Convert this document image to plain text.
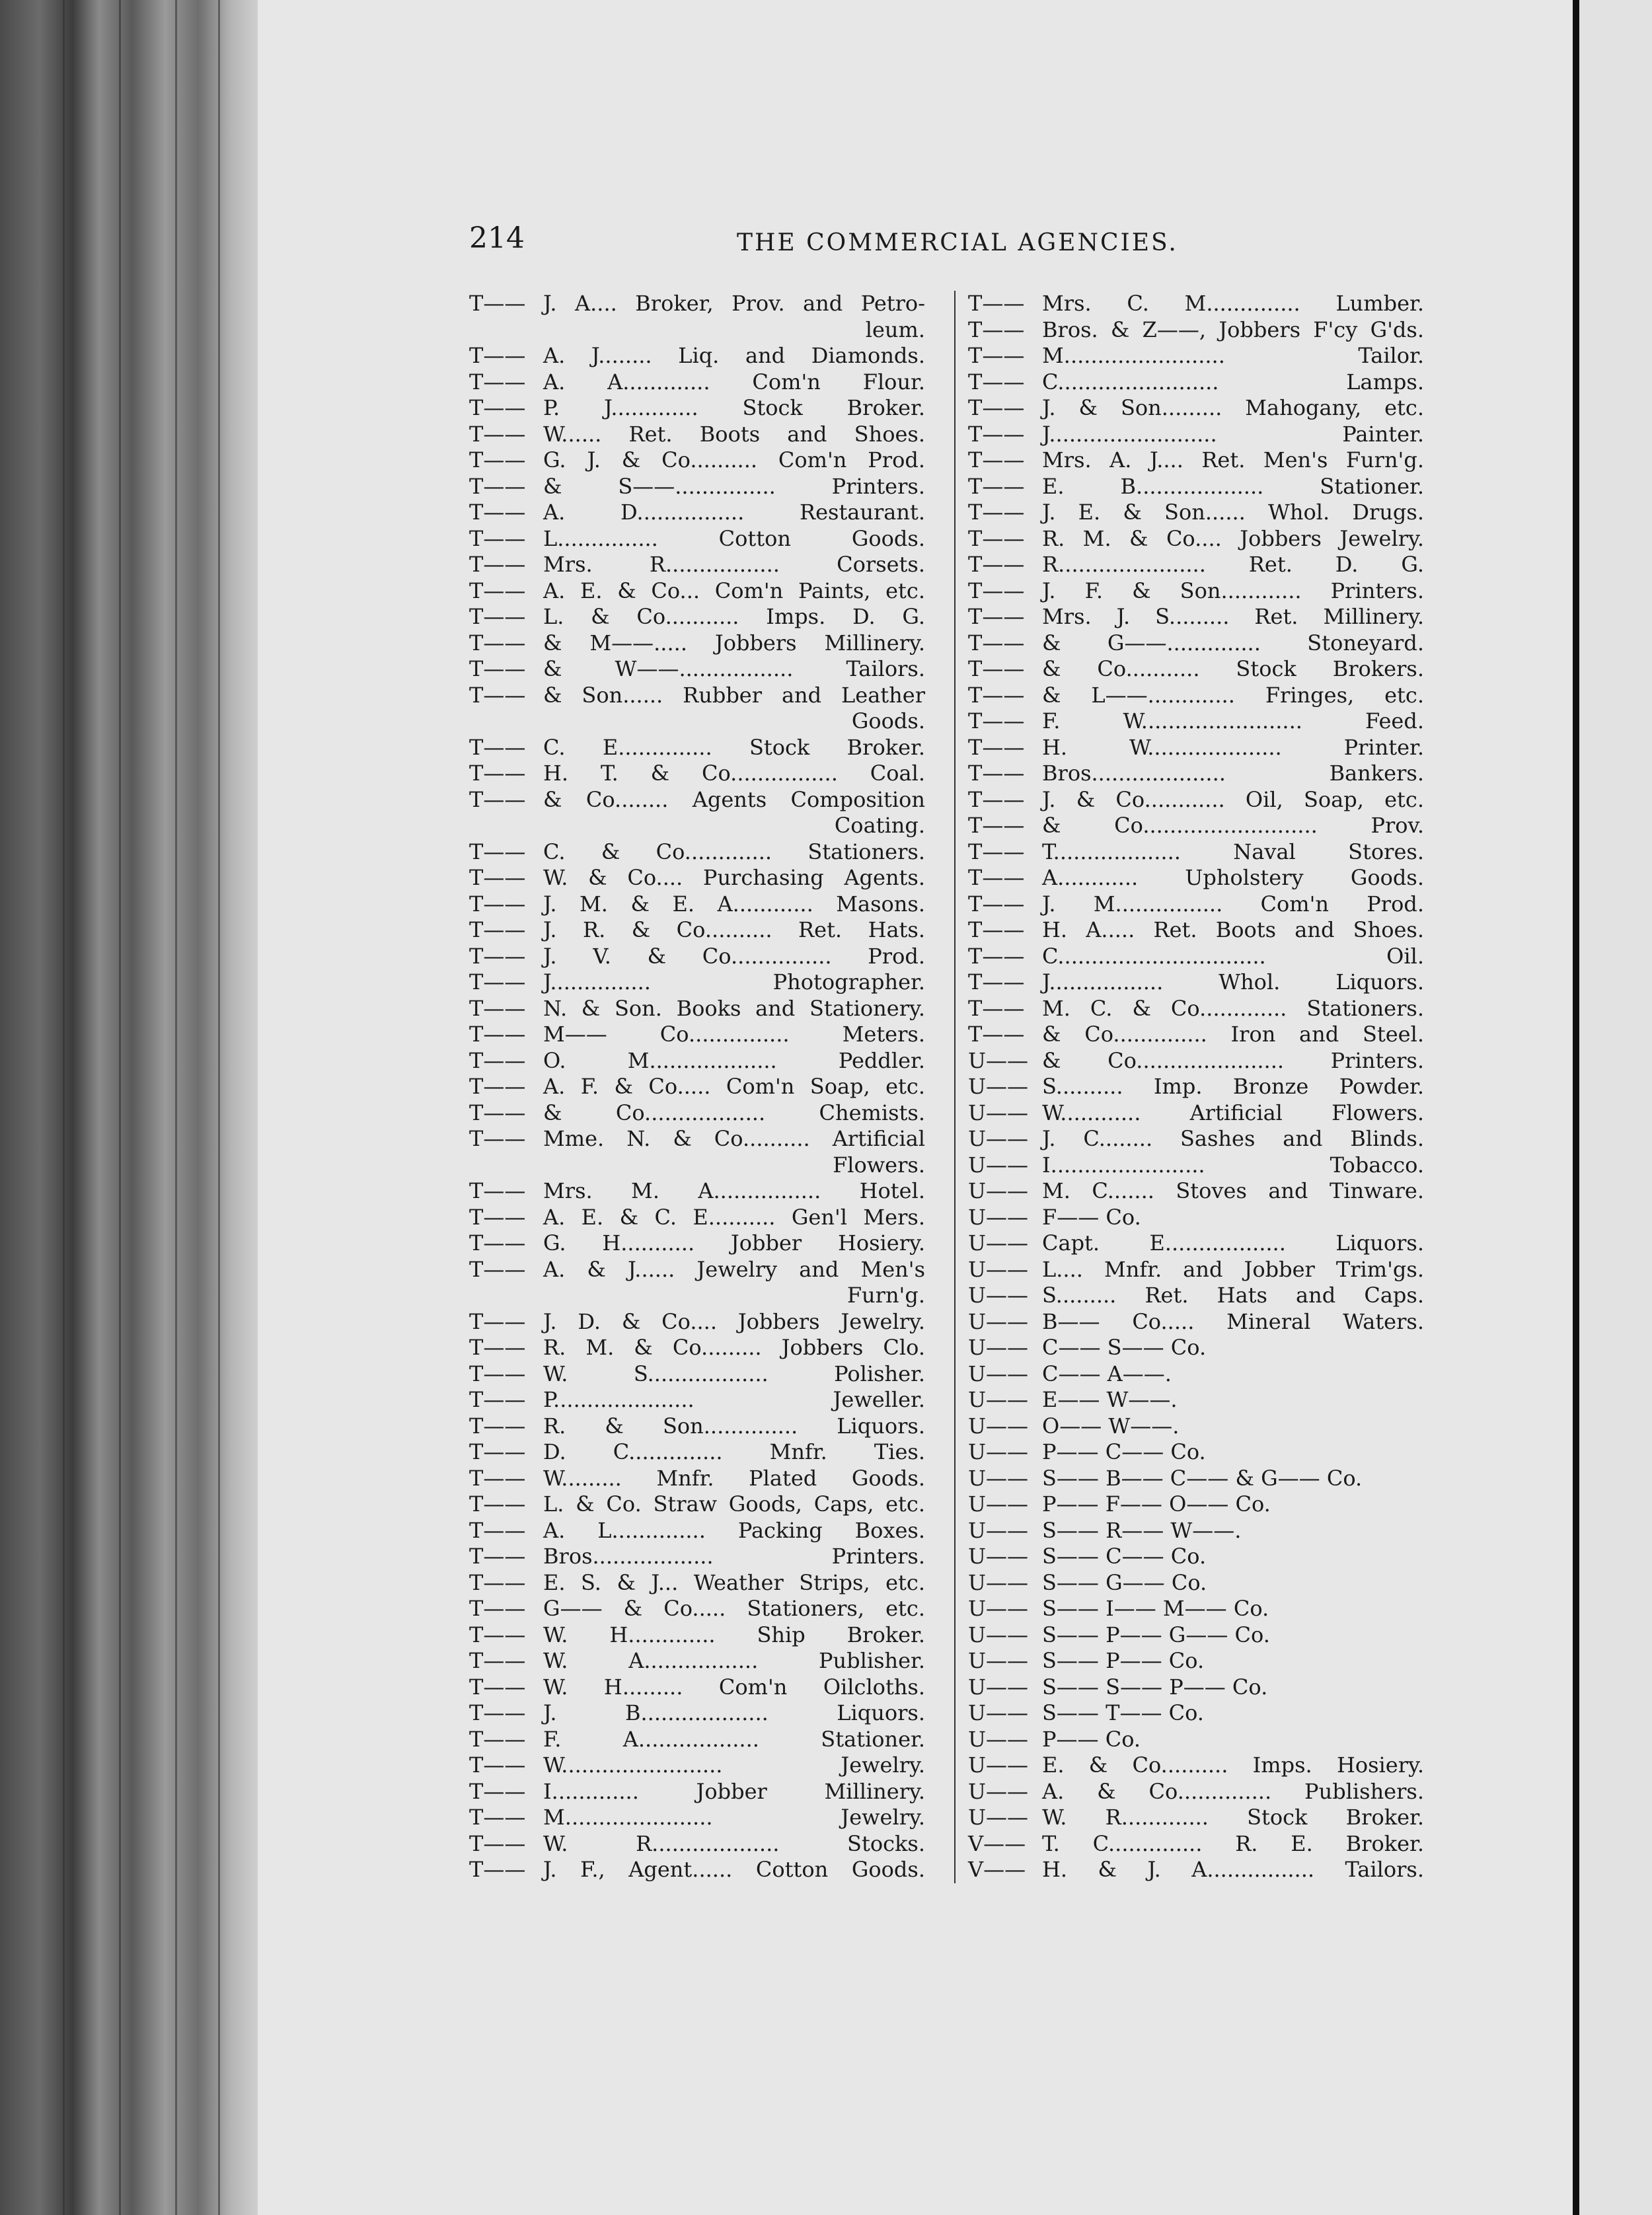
214	THE COMMERCIAL AGENCIES.
T—— J. A.... Broker, Prov. and Petro-
leum.
T—— A. J........ Liq. and Diamonds.
T—— A. A............. Com'n Flour.
T—— P. J............. Stock Broker.
T—— W...... Ret. Boots and Shoes.
T—— G. J. & Co.......... Com'n Prod.
T—— & S——............... Printers.
T—— A. D................ Restaurant.
T—— L............... Cotton Goods.
T—— Mrs. R................. Corsets.
T—— A. E. & Co... Com'n Paints, etc.
T—— L. & Co........... Imps. D. G.
T—— & M——..... Jobbers Millinery.
T—— & W——................. Tailors.
T—— & Son...... Rubber and Leather
Goods.
T—— C. E.............. Stock Broker.
T—— H. T. & Co................ Coal.
T—— & Co........ Agents Composition
Coating.
T—— C. & Co............. Stationers.
T—— W. & Co.... Purchasing Agents.
T—— J. M. & E. A............ Masons.
T—— J. R. & Co.......... Ret. Hats.
T—— J. V. & Co............... Prod.
T—— J............... Photographer.
T—— N. & Son. Books and Stationery.
T—— M—— Co............... Meters.
T—— O. M................... Peddler.
T—— A. F. & Co..... Com'n Soap, etc.
T—— & Co.................. Chemists.
T—— Mme. N. & Co.......... Artificial
Flowers.
T—— Mrs. M. A................ Hotel.
T—— A. E. & C. E.......... Gen'l Mers.
T—— G. H........... Jobber Hosiery.
T—— A. & J...... Jewelry and Men's
Furn'g.
T—— J. D. & Co.... Jobbers Jewelry.
T—— R. M. & Co......... Jobbers Clo.
T—— W. S.................. Polisher.
T—— P..................... Jeweller.
T—— R. & Son.............. Liquors.
T—— D. C.............. Mnfr. Ties.
T—— W......... Mnfr. Plated Goods.
T—— L. & Co. Straw Goods, Caps, etc.
T—— A. L.............. Packing Boxes.
T—— Bros.................. Printers.
T—— E. S. & J... Weather Strips, etc.
T—— G—— & Co..... Stationers, etc.
T—— W. H............. Ship Broker.
T—— W. A................. Publisher.
T—— W. H......... Com'n Oilcloths.
T—— J. B................... Liquors.
T—— F. A.................. Stationer.
T—— W........................ Jewelry.
T—— I............. Jobber Millinery.
T—— M...................... Jewelry.
T—— W. R................... Stocks.
T—— J. F., Agent...... Cotton Goods.
T—— Mrs. C. M.............. Lumber.
T—— Bros. & Z——, Jobbers F'cy G'ds.
T—— M........................ Tailor.
T—— C........................ Lamps.
T—— J. & Son......... Mahogany, etc.
T—— J......................... Painter.
T—— Mrs. A. J.... Ret. Men's Furn'g.
T—— E. B................... Stationer.
T—— J. E. & Son...... Whol. Drugs.
T—— R. M. & Co.... Jobbers Jewelry.
T—— R...................... Ret. D. G.
T—— J. F. & Son............ Printers.
T—— Mrs. J. S......... Ret. Millinery.
T—— & G——.............. Stoneyard.
T—— & Co........... Stock Brokers.
T—— & L——............. Fringes, etc.
T—— F. W........................ Feed.
T—— H. W.................... Printer.
T—— Bros.................... Bankers.
T—— J. & Co............ Oil, Soap, etc.
T—— & Co.......................... Prov.
T—— T................... Naval Stores.
T—— A............ Upholstery Goods.
T—— J. M................ Com'n Prod.
T—— H. A..... Ret. Boots and Shoes.
T—— C............................... Oil.
T—— J................. Whol. Liquors.
T—— M. C. & Co............. Stationers.
T—— & Co.............. Iron and Steel.
U—— & Co...................... Printers.
U—— S.......... Imp. Bronze Powder.
U—— W............ Artificial Flowers.
U—— J. C........ Sashes and Blinds.
U—— I....................... Tobacco.
U—— M. C....... Stoves and Tinware.
U—— F—— Co.
U—— Capt. E.................. Liquors.
U—— L.... Mnfr. and Jobber Trim'gs.
U—— S......... Ret. Hats and Caps.
U—— B—— Co..... Mineral Waters.
U—— C—— S—— Co.
U—— C—— A——.
U—— E—— W——.
U—— O—— W——.
U—— P—— C—— Co.
U—— S—— B—— C—— & G—— Co.
U—— P—— F—— O—— Co.
U—— S—— R—— W——.
U—— S—— C—— Co.
U—— S—— G—— Co.
U—— S—— I—— M—— Co.
U—— S—— P—— G—— Co.
U—— S—— P—— Co.
U—— S—— S—— P—— Co.
U—— S—— T—— Co.
U—— P—— Co.
U—— E. & Co.......... Imps. Hosiery.
U—— A. & Co.............. Publishers.
U—— W. R............. Stock Broker.
V—— T. C.............. R. E. Broker.
V—— H. & J. A................ Tailors.
